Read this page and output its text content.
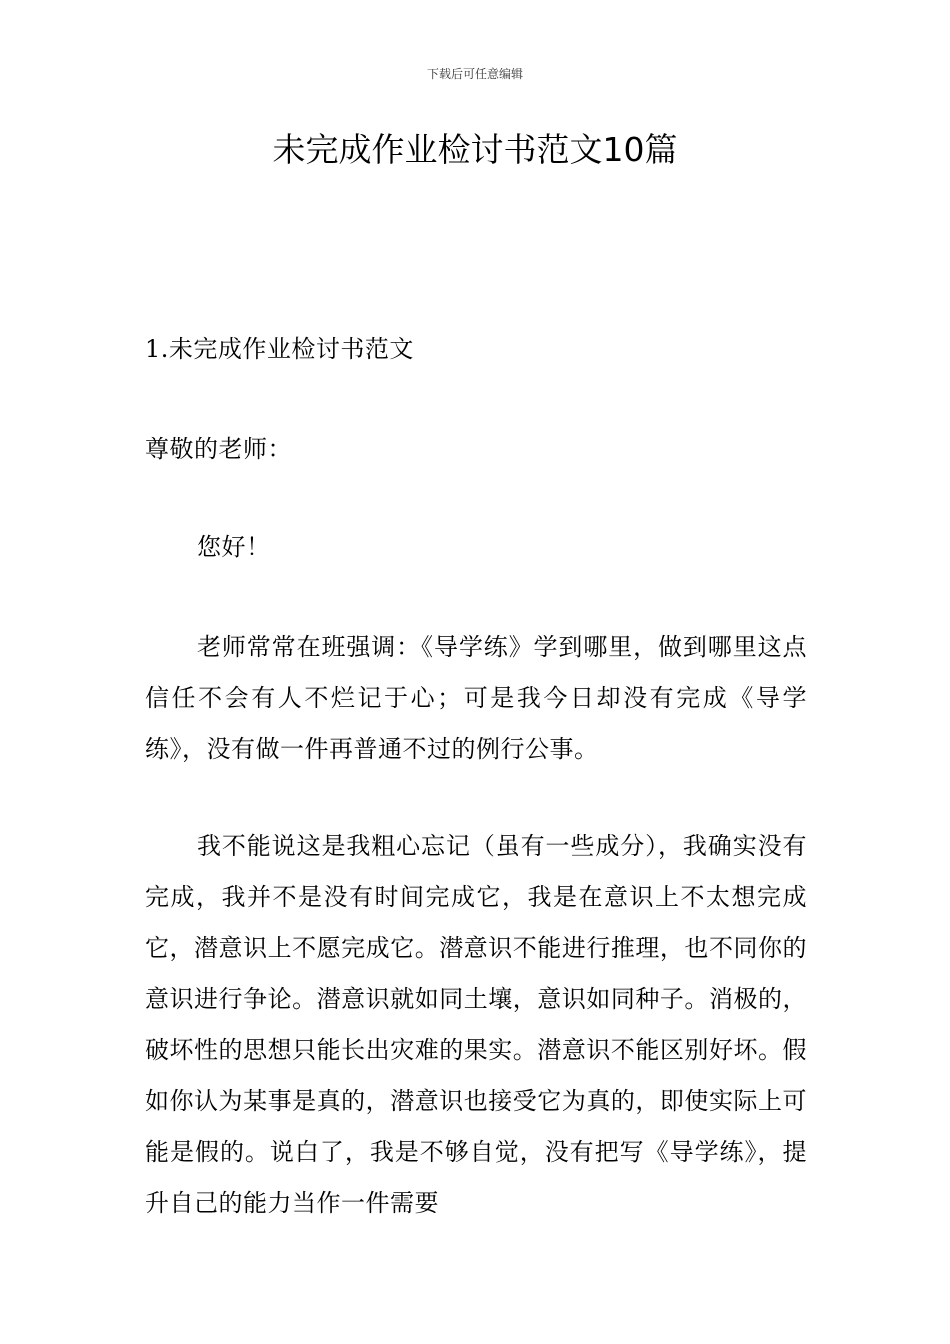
下载后可任意编辑
未完成作业检讨书范文10篇

1.未完成作业检讨书范文

尊敬的老师：

您好！

老师常常在班强调：《导学练》学到哪里，做到哪里这点信任不会有人不烂记于心；可是我今日却没有完成《导学练》，没有做一件再普通不过的例行公事。

我不能说这是我粗心忘记（虽有一些成分），我确实没有完成，我并不是没有时间完成它，我是在意识上不太想完成它，潜意识上不愿完成它。潜意识不能进行推理，也不同你的意识进行争论。潜意识就如同土壤，意识如同种子。消极的，破坏性的思想只能长出灾难的果实。潜意识不能区别好坏。假如你认为某事是真的，潜意识也接受它为真的，即使实际上可能是假的。说白了，我是不够自觉，没有把写《导学练》，提升自己的能力当作一件需要
